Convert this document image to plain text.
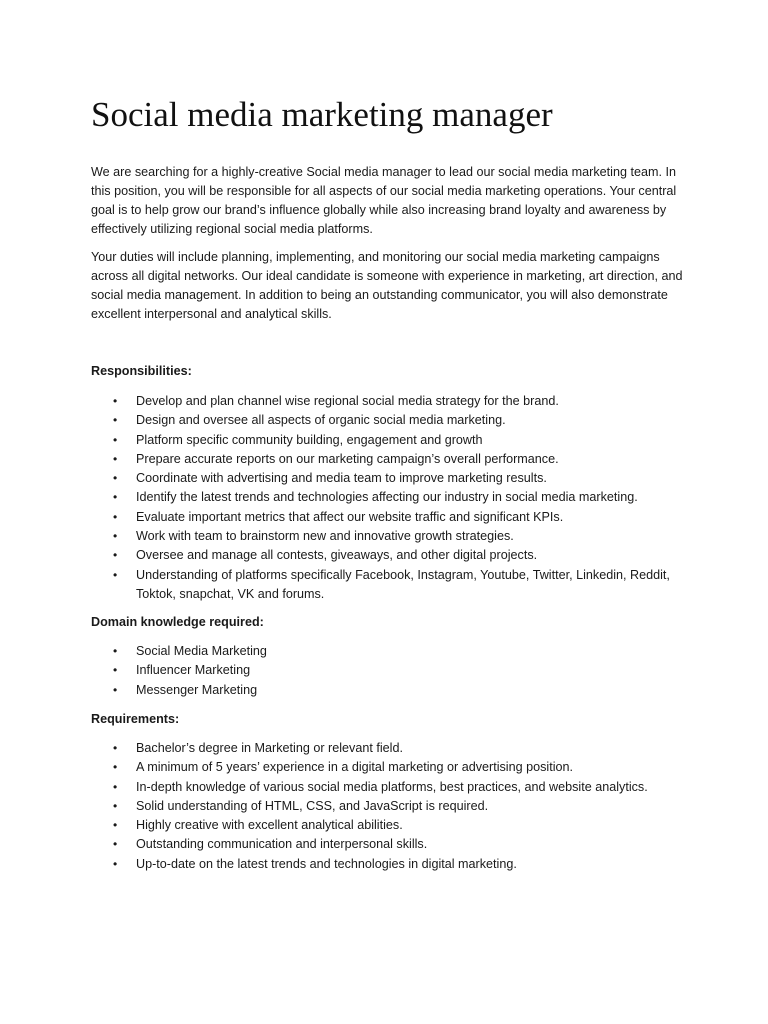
Social media marketing manager

We are searching for a highly-creative Social media manager to lead our social media marketing team. In this position, you will be responsible for all aspects of our social media marketing operations. Your central goal is to help grow our brand’s influence globally while also increasing brand loyalty and awareness by effectively utilizing regional social media platforms.

Your duties will include planning, implementing, and monitoring our social media marketing campaigns across all digital networks. Our ideal candidate is someone with experience in marketing, art direction, and social media management. In addition to being an outstanding communicator, you will also demonstrate excellent interpersonal and analytical skills.

Responsibilities:
• Develop and plan channel wise regional social media strategy for the brand.
• Design and oversee all aspects of organic social media marketing.
• Platform specific community building, engagement and growth
• Prepare accurate reports on our marketing campaign’s overall performance.
• Coordinate with advertising and media team to improve marketing results.
• Identify the latest trends and technologies affecting our industry in social media marketing.
• Evaluate important metrics that affect our website traffic and significant KPIs.
• Work with team to brainstorm new and innovative growth strategies.
• Oversee and manage all contests, giveaways, and other digital projects.
• Understanding of platforms specifically Facebook, Instagram, Youtube, Twitter, Linkedin, Reddit, Toktok, snapchat, VK and forums.
Domain knowledge required:
• Social Media Marketing
• Influencer Marketing
• Messenger Marketing
Requirements:
• Bachelor’s degree in Marketing or relevant field.
• A minimum of 5 years’ experience in a digital marketing or advertising position.
• In-depth knowledge of various social media platforms, best practices, and website analytics.
• Solid understanding of HTML, CSS, and JavaScript is required.
• Highly creative with excellent analytical abilities.
• Outstanding communication and interpersonal skills.
• Up-to-date on the latest trends and technologies in digital marketing.
